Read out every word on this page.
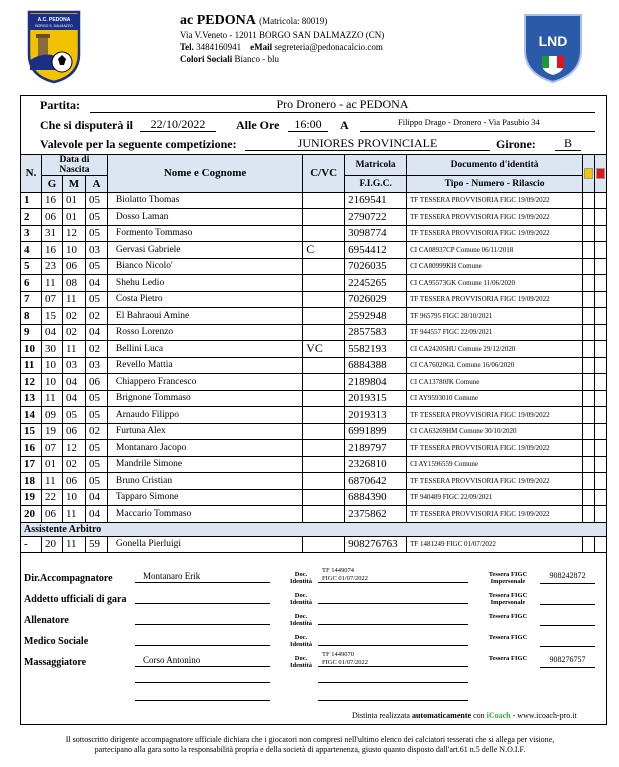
A.C. PEDONA
BORGO S. DALMAZZO	ac PEDONA (Matricola: 80019)
Via V.Veneto - 12011 BORGO SAN DALMAZZO (CN)
Tel. 3484160941 eMail segreteria@pedonacalcio.com
Colori Sociali Bianco - blu
LND
Partita:	Pro Dronero - ac PEDONA
Che si disputerà il	22/10/2022	Alle Ore	16:00	A	Filippo Drago - Dronero - Via Pasubio 34
Valevole per la seguente competizione:	JUNIORES PROVINCIALE	Girone:	B
N.	Data di Nascita			Nome e Cognome	C/VC	Matricola	Documento d'identità	

	G	M	A			F.I.G.C.	Tipo - Numero - Rilascio		
1	16	01	05	Biolatto Thomas		2169541	TF TESSERA PROVVISORIA FIGC 19/09/2022		
2	06	01	05	Dosso Laman		2790722	TF TESSERA PROVVISORIA FIGC 19/09/2022		
3	31	12	05	Formento Tommaso		3098774	TF TESSERA PROVVISORIA FIGC 19/09/2022		
4	16	10	03	Gervasi Gabriele	C	6954412	CI CA08937CP Comune 06/11/2018		
5	23	06	05	Bianco Nicolo'		7026035	CI CA80999KH Comune		
6	11	08	04	Shehu Ledio		2245265	CI CA95573GK Comune 11/06/2020		
7	07	11	05	Costa Pietro		7026029	TF TESSERA PROVVISORIA FIGC 19/09/2022		
8	15	02	02	El Bahraoui Amine		2592948	TF 965795 FIGC 28/10/2021		
9	04	02	04	Rosso Lorenzo		2857583	TF 944557 FIGC 22/09/2021		
10	30	11	02	Bellini Luca	VC	5582193	CI CA24205HU Comune 29/12/2020		
11	10	03	03	Revello Mattia		6884388	CI CA76020GL Comune 16/06/2020		
12	10	04	06	Chiappero Francesco		2189804	CI CA13780JK Comune		
13	11	04	05	Brignone Tommaso		2019315	CI AY9593010 Comune		
14	09	05	05	Arnaudo Filippo		2019313	TF TESSERA PROVVISORIA FIGC 19/09/2022		
15	19	06	02	Furtuna Alex		6991899	CI CA63269HM Comune 30/10/2020		
16	07	12	05	Montanaro Jacopo		2189797	TF TESSERA PROVVISORIA FIGC 19/09/2022		
17	01	02	05	Mandrile Simone		2326810	CI AY1596559 Comune		
18	11	06	05	Bruno Cristian		6870642	TF TESSERA PROVVISORIA FIGC 19/09/2022		
19	22	10	04	Tapparo Simone		6884390	TF 940489 FIGC 22/09/2021		
20	06	11	04	Maccario Tommaso		2375862	TF TESSERA PROVVISORIA FIGC 19/09/2022		
Assistente Arbitro									
-	20	11	59	Gonella Pierluigi		908276763	TF 1481249 FIGC 01/07/2022		
Dir.Accompagnatore	Montanaro Erik	Doc. Identità
TF 1449074
FIGC 01/07/2022
Tessera FIGC Impersonale
908242872
Addetto ufficiali di gara	Doc. Identità
Tessera FIGC Impersonale
Allenatore	Doc. Identità
Tessera FIGC
Medico Sociale	Doc. Identità
Tessera FIGC
Massaggiatore	Corso Antonino	Doc. Identità
TF 1449070
FIGC 01/07/2022
Tessera FIGC	908276757
Distinta realizzata automaticamente con iCoach - www.icoach-pro.it
Il sottoscritto dirigente accompagnatore ufficiale dichiara che i giocatori non compresi nell'ultimo elenco dei calciatori tesserati che si allega per visione,
partecipano alla gara sotto la responsabilità propria e della società di appartenenza, giusto quanto disposto dall'art.61 n.5 delle N.O.I.F.
